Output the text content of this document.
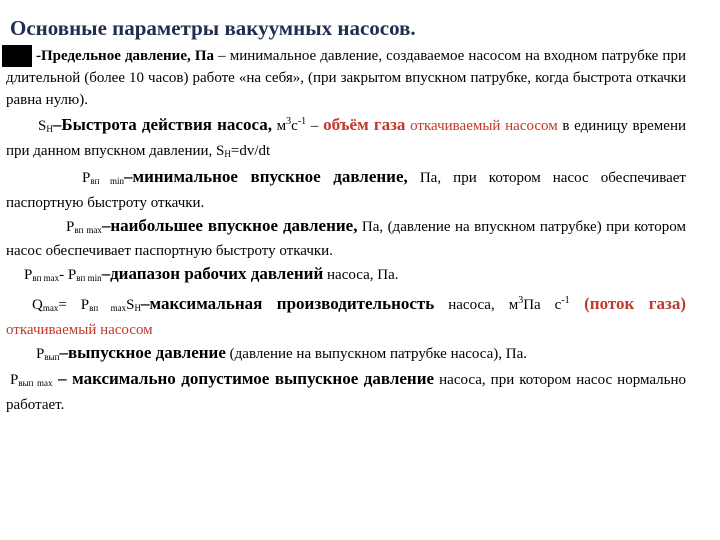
Основные параметры вакуумных насосов.

-Предельное давление, Па – минимальное давление, создаваемое насосом на входном патрубке при длительной (более 10 часов) работе «на себя», (при закрытом впускном патрубке, когда быстрота откачки равна нулю).

$S_Н$–Быстрота действия насоса, $м^3с^{-1}$ – объём газа откачиваемый насосом в единицу времени при данном впускном давлении, $S_Н=dv/dt$

$P_{вп min}$–минимальное впускное давление, Па, при котором насос обеспечивает паспортную быстроту откачки.

$P_{вп max}$–наибольшее впускное давление, Па, (давление на впускном патрубке) при котором насос обеспечивает паспортную быстроту откачки.

$P_{вп max}-$ $P_{вп min}$–диапазон рабочих давлений насоса, Па.

$Q_{max}=$ $P_{вп max}S_Н$–максимальная производительность насоса, $м^3Па$ $с^{-1}$ (поток газа) откачиваемый насосом

$P_{вып}$–выпускное давление (давление на выпускном патрубке насоса), Па.

$P_{вып max}$ – максимально допустимое выпускное давление насоса, при котором насос нормально работает.
